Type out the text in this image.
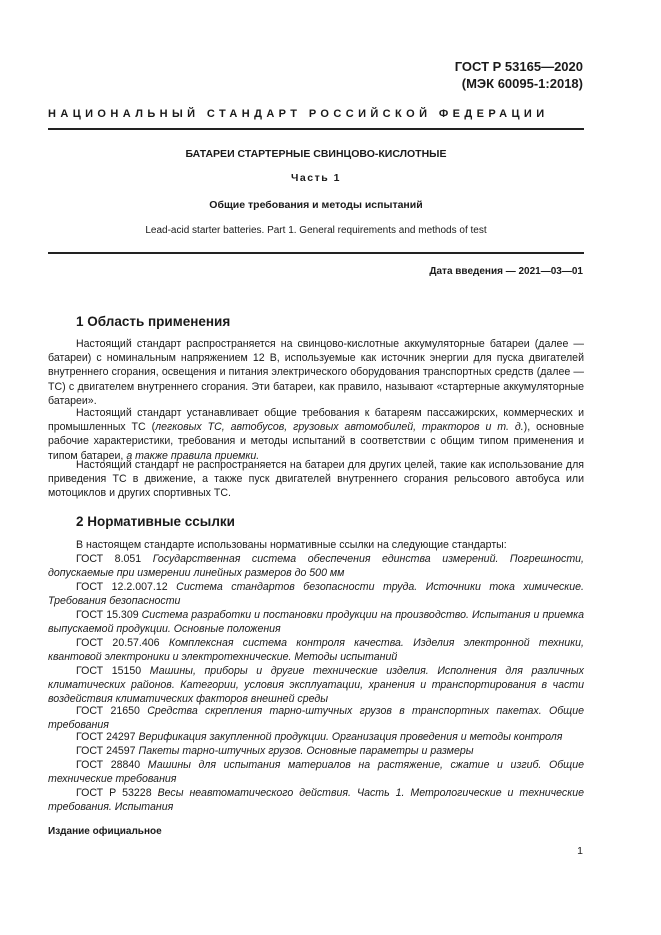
ГОСТ Р 53165—2020
(МЭК 60095-1:2018)
НАЦИОНАЛЬНЫЙ СТАНДАРТ РОССИЙСКОЙ ФЕДЕРАЦИИ
БАТАРЕИ СТАРТЕРНЫЕ СВИНЦОВО-КИСЛОТНЫЕ
Часть 1
Общие требования и методы испытаний
Lead-acid starter batteries. Part 1. General requirements and methods of test
Дата введения — 2021—03—01
1 Область применения

Настоящий стандарт распространяется на свинцово-кислотные аккумуляторные батареи (далее — батареи) с номинальным напряжением 12 В, используемые как источник энергии для пуска двигателей внутреннего сгорания, освещения и питания электрического оборудования транспортных средств (далее — ТС) с двигателем внутреннего сгорания. Эти батареи, как правило, называют «стартерные аккумуляторные батареи».

Настоящий стандарт устанавливает общие требования к батареям пассажирских, коммерческих и промышленных ТС (легковых ТС, автобусов, грузовых автомобилей, тракторов и т. д.), основные рабочие характеристики, требования и методы испытаний в соответствии с общим типом применения и типом батареи, а также правила приемки.

Настоящий стандарт не распространяется на батареи для других целей, такие как использование для приведения ТС в движение, а также пуск двигателей внутреннего сгорания рельсового автобуса или мотоциклов и других спортивных ТС.

2 Нормативные ссылки

В настоящем стандарте использованы нормативные ссылки на следующие стандарты:

ГОСТ 8.051 Государственная система обеспечения единства измерений. Погрешности, допускаемые при измерении линейных размеров до 500 мм

ГОСТ 12.2.007.12 Система стандартов безопасности труда. Источники тока химические. Требования безопасности

ГОСТ 15.309 Система разработки и постановки продукции на производство. Испытания и приемка выпускаемой продукции. Основные положения

ГОСТ 20.57.406 Комплексная система контроля качества. Изделия электронной техники, квантовой электроники и электротехнические. Методы испытаний

ГОСТ 15150 Машины, приборы и другие технические изделия. Исполнения для различных климатических районов. Категории, условия эксплуатации, хранения и транспортирования в части воздействия климатических факторов внешней среды

ГОСТ 21650 Средства скрепления тарно-штучных грузов в транспортных пакетах. Общие требования

ГОСТ 24297 Верификация закупленной продукции. Организация проведения и методы контроля

ГОСТ 24597 Пакеты тарно-штучных грузов. Основные параметры и размеры

ГОСТ 28840 Машины для испытания материалов на растяжение, сжатие и изгиб. Общие технические требования

ГОСТ Р 53228 Весы неавтоматического действия. Часть 1. Метрологические и технические требования. Испытания

Издание официальное
1
